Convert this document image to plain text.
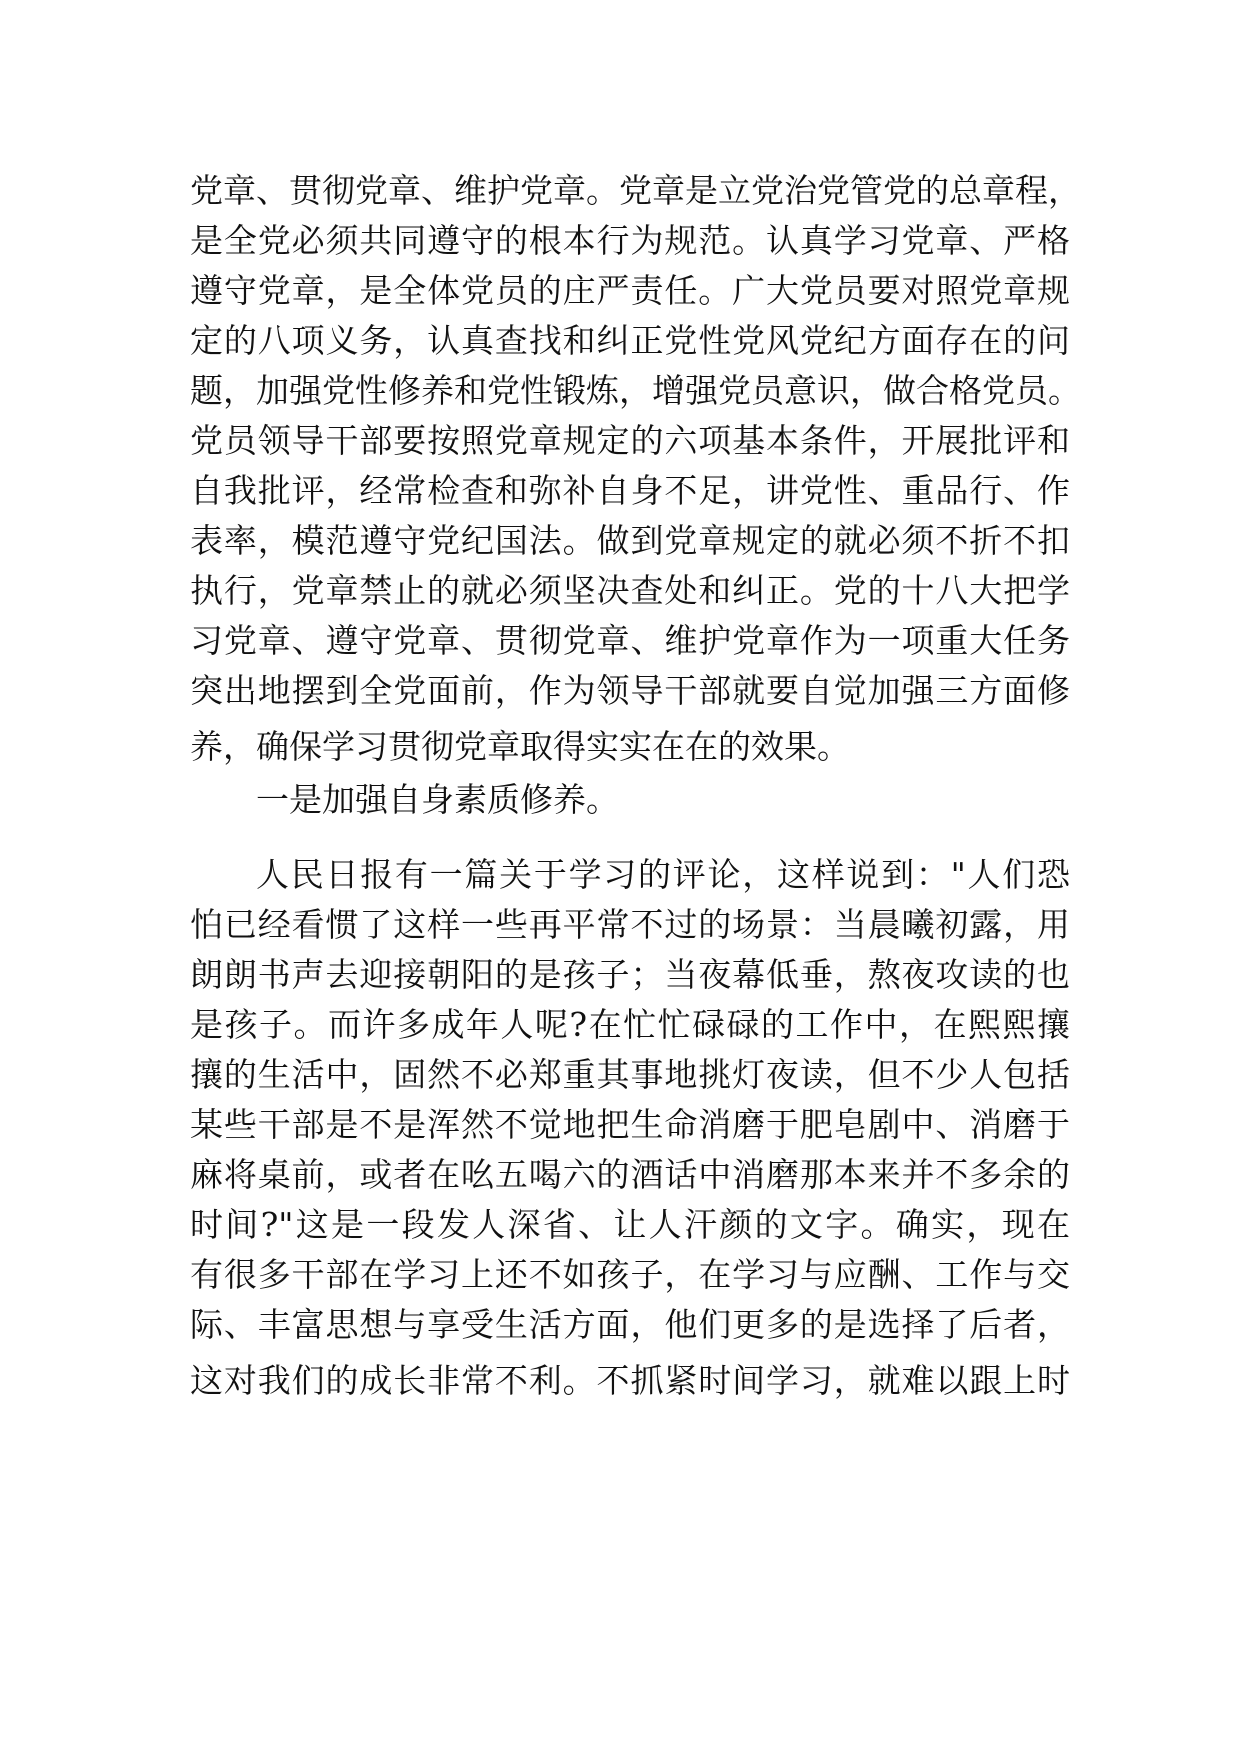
党章、贯彻党章、维护党章。党章是立党治党管党的总章程，
是全党必须共同遵守的根本行为规范。认真学习党章、严格
遵守党章，是全体党员的庄严责任。广大党员要对照党章规
定的八项义务，认真查找和纠正党性党风党纪方面存在的问
题，加强党性修养和党性锻炼，增强党员意识，做合格党员。
党员领导干部要按照党章规定的六项基本条件，开展批评和
自我批评，经常检查和弥补自身不足，讲党性、重品行、作
表率，模范遵守党纪国法。做到党章规定的就必须不折不扣
执行，党章禁止的就必须坚决查处和纠正。党的十八大把学
习党章、遵守党章、贯彻党章、维护党章作为一项重大任务
突出地摆到全党面前，作为领导干部就要自觉加强三方面修
养，确保学习贯彻党章取得实实在在的效果。
一是加强自身素质修养。
人民日报有一篇关于学习的评论，这样说到："人们恐
怕已经看惯了这样一些再平常不过的场景：当晨曦初露，用
朗朗书声去迎接朝阳的是孩子；当夜幕低垂，熬夜攻读的也
是孩子。而许多成年人呢?在忙忙碌碌的工作中，在熙熙攘
攘的生活中，固然不必郑重其事地挑灯夜读，但不少人包括
某些干部是不是浑然不觉地把生命消磨于肥皂剧中、消磨于
麻将桌前，或者在吆五喝六的酒话中消磨那本来并不多余的
时间?"这是一段发人深省、让人汗颜的文字。确实，现在
有很多干部在学习上还不如孩子，在学习与应酬、工作与交
际、丰富思想与享受生活方面，他们更多的是选择了后者，
这对我们的成长非常不利。不抓紧时间学习，就难以跟上时
